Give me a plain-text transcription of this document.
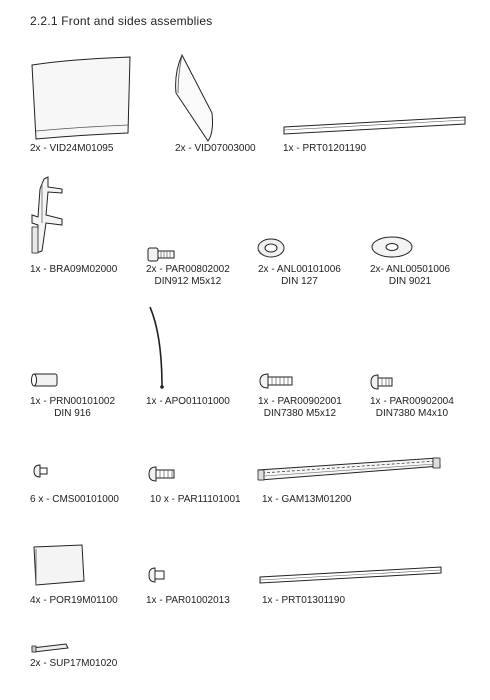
2.2.1 Front and sides assemblies
2x - VID24M01095	2x - VID07003000	1x - PRT01201190
1x - BRA09M02000	2x - PAR00802002
DIN912 M5x12
2x - ANL00101006
DIN 127
2x- ANL00501006
DIN 9021
1x - PRN00101002
DIN 916
1x - APO01101000	1x - PAR00902001
DIN7380 M5x12
1x - PAR00902004
DIN7380 M4x10
6 x - CMS00101000	10 x - PAR11101001 1x - GAM13M01200
4x - POR19M01100	1x - PAR01002013	1x - PRT01301190
2x - SUP17M01020
